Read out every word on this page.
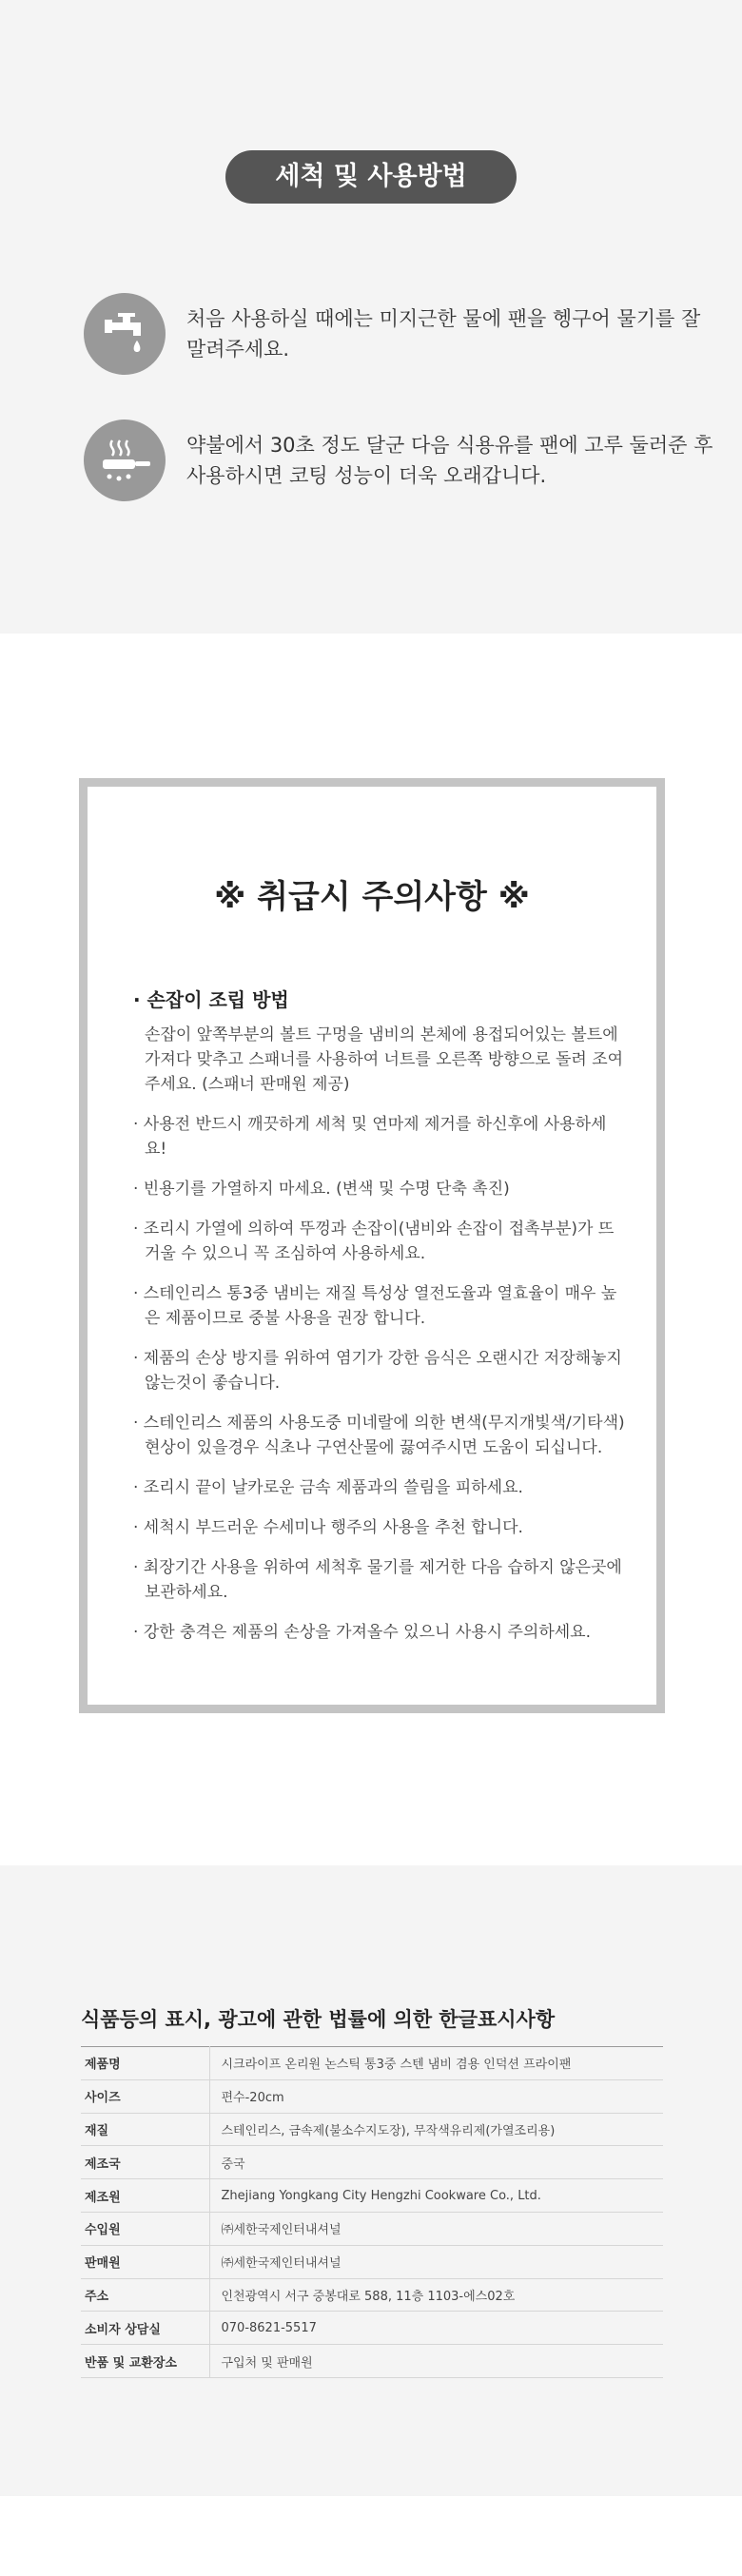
세척 및 사용방법
처음 사용하실 때에는 미지근한 물에 팬을 헹구어 물기를 잘 말려주세요.
약불에서 30초 정도 달군 다음 식용유를 팬에 고루 둘러준 후 사용하시면 코팅 성능이 더욱 오래갑니다.
※ 취급시 주의사항 ※
· 손잡이 조립 방법
손잡이 앞쪽부분의 볼트 구멍을 냄비의 본체에 용접되어있는 볼트에 가져다 맞추고 스패너를 사용하여 너트를 오른쪽 방향으로 돌려 조여주세요. (스패너 판매원 제공)
· 사용전 반드시 깨끗하게 세척 및 연마제 제거를 하신후에 사용하세요!
· 빈용기를 가열하지 마세요. (변색 및 수명 단축 촉진)
· 조리시 가열에 의하여 뚜껑과 손잡이(냄비와 손잡이 접촉부분)가 뜨거울 수 있으니 꼭 조심하여 사용하세요.
· 스테인리스 통3중 냄비는 재질 특성상 열전도율과 열효율이 매우 높은 제품이므로 중불 사용을 권장 합니다.
· 제품의 손상 방지를 위하여 염기가 강한 음식은 오랜시간 저장해놓지 않는것이 좋습니다.
· 스테인리스 제품의 사용도중 미네랄에 의한 변색(무지개빛색/기타색) 현상이 있을경우 식초나 구연산물에 끓여주시면 도움이 되십니다.
· 조리시 끝이 날카로운 금속 제품과의 쓸림을 피하세요.
· 세척시 부드러운 수세미나 행주의 사용을 추천 합니다.
· 최장기간 사용을 위하여 세척후 물기를 제거한 다음 습하지 않은곳에 보관하세요.
· 강한 충격은 제품의 손상을 가져올수 있으니 사용시 주의하세요.
식품등의 표시, 광고에 관한 법률에 의한 한글표시사항
제품명	시크라이프 온리원 논스틱 통3중 스텐 냄비 겸용 인덕션 프라이팬
사이즈	편수-20cm
재질	스테인리스, 금속제(불소수지도장), 무작색유리제(가열조리용)
제조국	중국
제조원	Zhejiang Yongkang City Hengzhi Cookware Co., Ltd.
수입원	㈜세한국제인터내셔널
판매원	㈜세한국제인터내셔널
주소	인천광역시 서구 중봉대로 588, 11층 1103-에스02호
소비자 상담실	070-8621-5517
반품 및 교환장소	구입처 및 판매원
